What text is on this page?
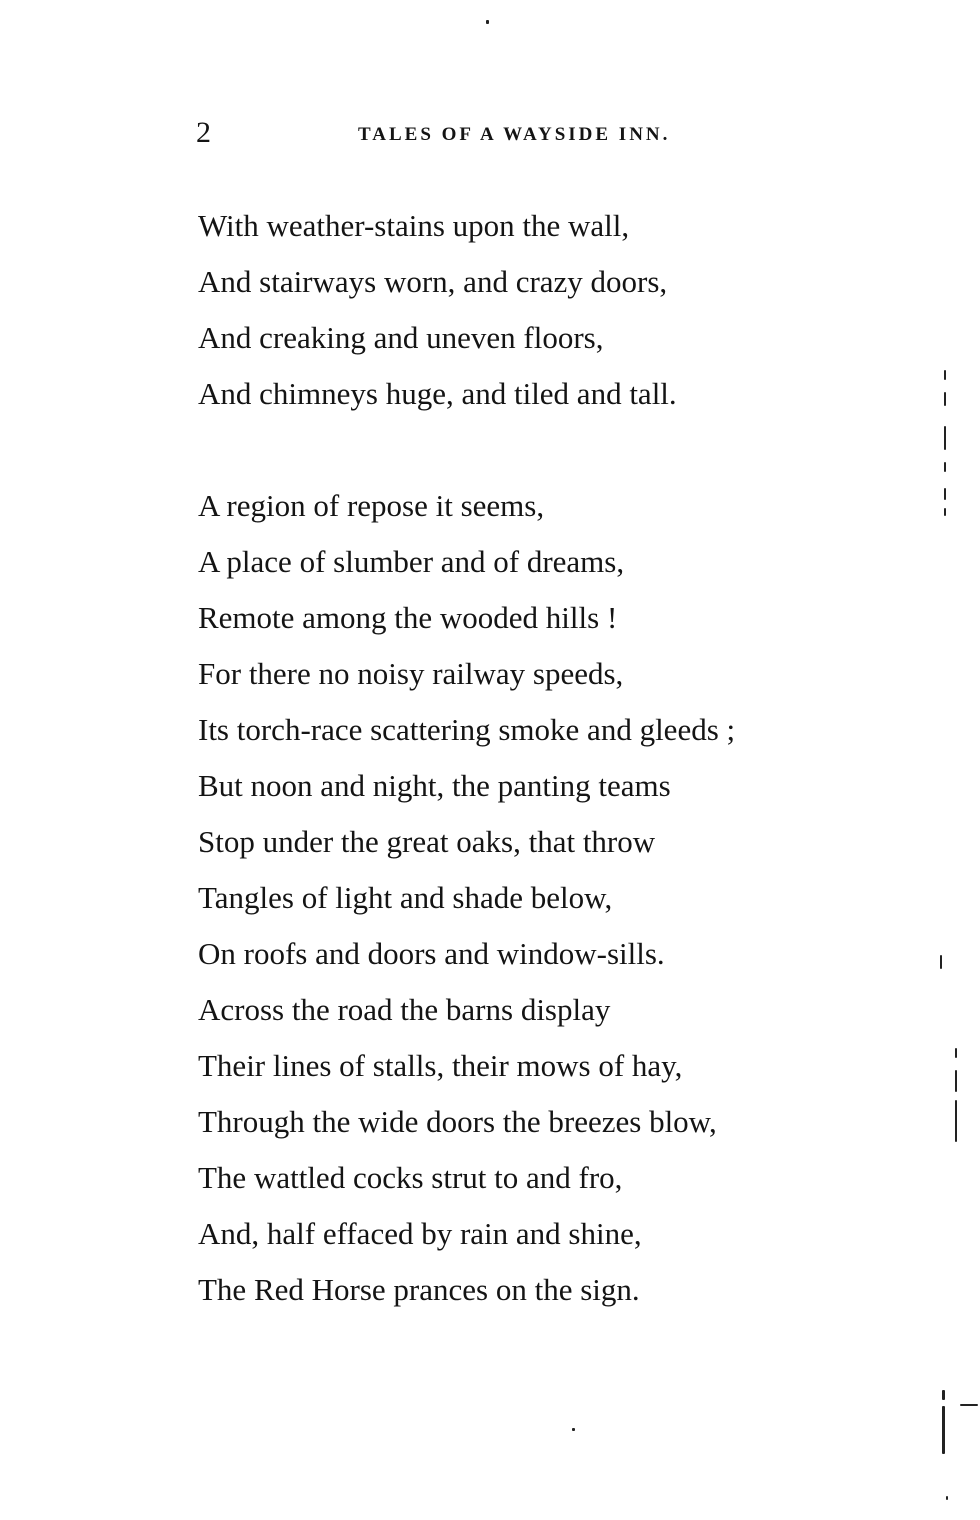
2	TALES OF A WAYSIDE INN.
With weather-stains upon the wall,
And stairways worn, and crazy doors,
And creaking and uneven floors,
And chimneys huge, and tiled and tall.
A region of repose it seems,
A place of slumber and of dreams,
Remote among the wooded hills !
For there no noisy railway speeds,
Its torch-race scattering smoke and gleeds ;
But noon and night, the panting teams
Stop under the great oaks, that throw
Tangles of light and shade below,
On roofs and doors and window-sills.
Across the road the barns display
Their lines of stalls, their mows of hay,
Through the wide doors the breezes blow,
The wattled cocks strut to and fro,
And, half effaced by rain and shine,
The Red Horse prances on the sign.
